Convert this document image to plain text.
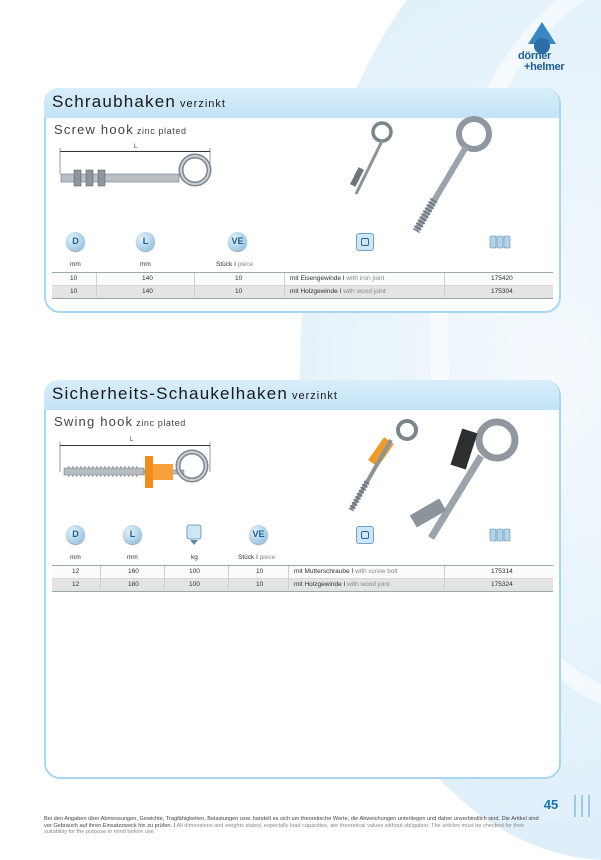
dörner
+helmer
Schraubhaken verzinkt
Screw hook zinc plated
L
D	L	VE
mm	mm	Stück I piece
10	140	10	mit Eisengewinde I with iron joint	175420
10	140	10	mit Holzgewinde I with wood joint	175304
Sicherheits-Schaukelhaken verzinkt
Swing hook zinc plated
L
D	L	VE
mm	mm	kg	Stück I piece
12	160	100	10	mit Mutterschraube I with screw bolt	175314
12	180	100	10	mit Holzgewinde I with wood joint	175324
45
Bei den Angaben über Abmessungen, Gewichte, Tragfähigkeiten, Belastungen usw. handelt es sich um theoretische Werte, die Abweichungen unterliegen und daher unverbindlich sind. Die Artikel sind vor Gebrauch auf ihren Einsatzzweck hin zu prüfen. I All dimensions and weights stated, especially load capacities, are theoretical values without obligation. The articles must be checked for their suitability for the purpose in mind before use.
